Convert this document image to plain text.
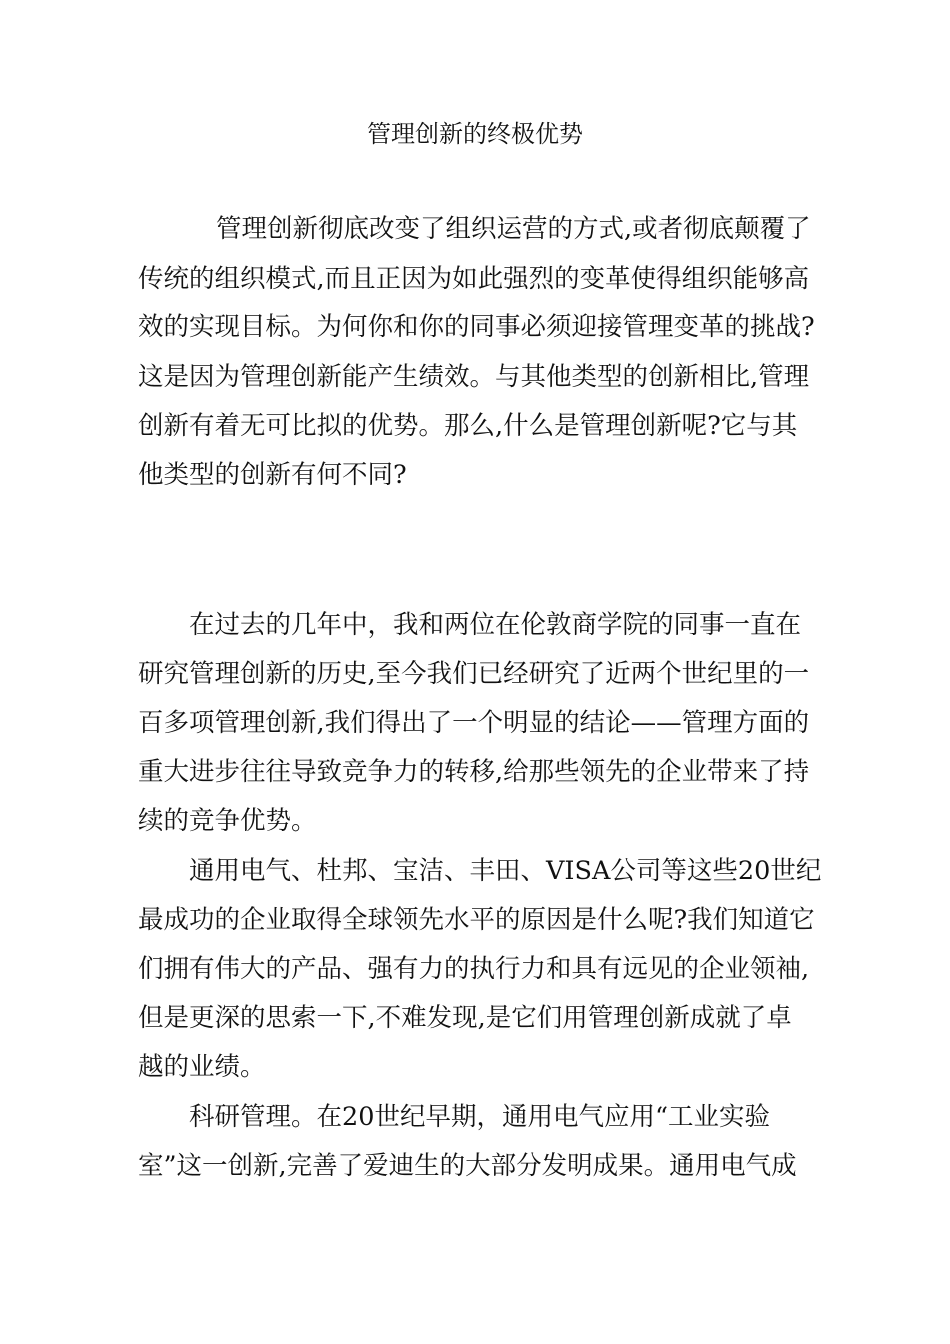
管理创新的终极优势

管理创新彻底改变了组织运营的方式,或者彻底颠覆了

传统的组织模式,而且正因为如此强烈的变革使得组织能够高

效的实现目标。为何你和你的同事必须迎接管理变革的挑战?

这是因为管理创新能产生绩效。与其他类型的创新相比,管理

创新有着无可比拟的优势。那么,什么是管理创新呢?它与其

他类型的创新有何不同?

在过去的几年中，我和两位在伦敦商学院的同事一直在

研究管理创新的历史,至今我们已经研究了近两个世纪里的一

百多项管理创新,我们得出了一个明显的结论——管理方面的

重大进步往往导致竞争力的转移,给那些领先的企业带来了持

续的竞争优势。

通用电气、杜邦、宝洁、丰田、VISA公司等这些20世纪

最成功的企业取得全球领先水平的原因是什么呢?我们知道它

们拥有伟大的产品、强有力的执行力和具有远见的企业领袖,

但是更深的思索一下,不难发现,是它们用管理创新成就了卓

越的业绩。

科研管理。在20世纪早期，通用电气应用“工业实验

室”这一创新,完善了爱迪生的大部分发明成果。通用电气成
